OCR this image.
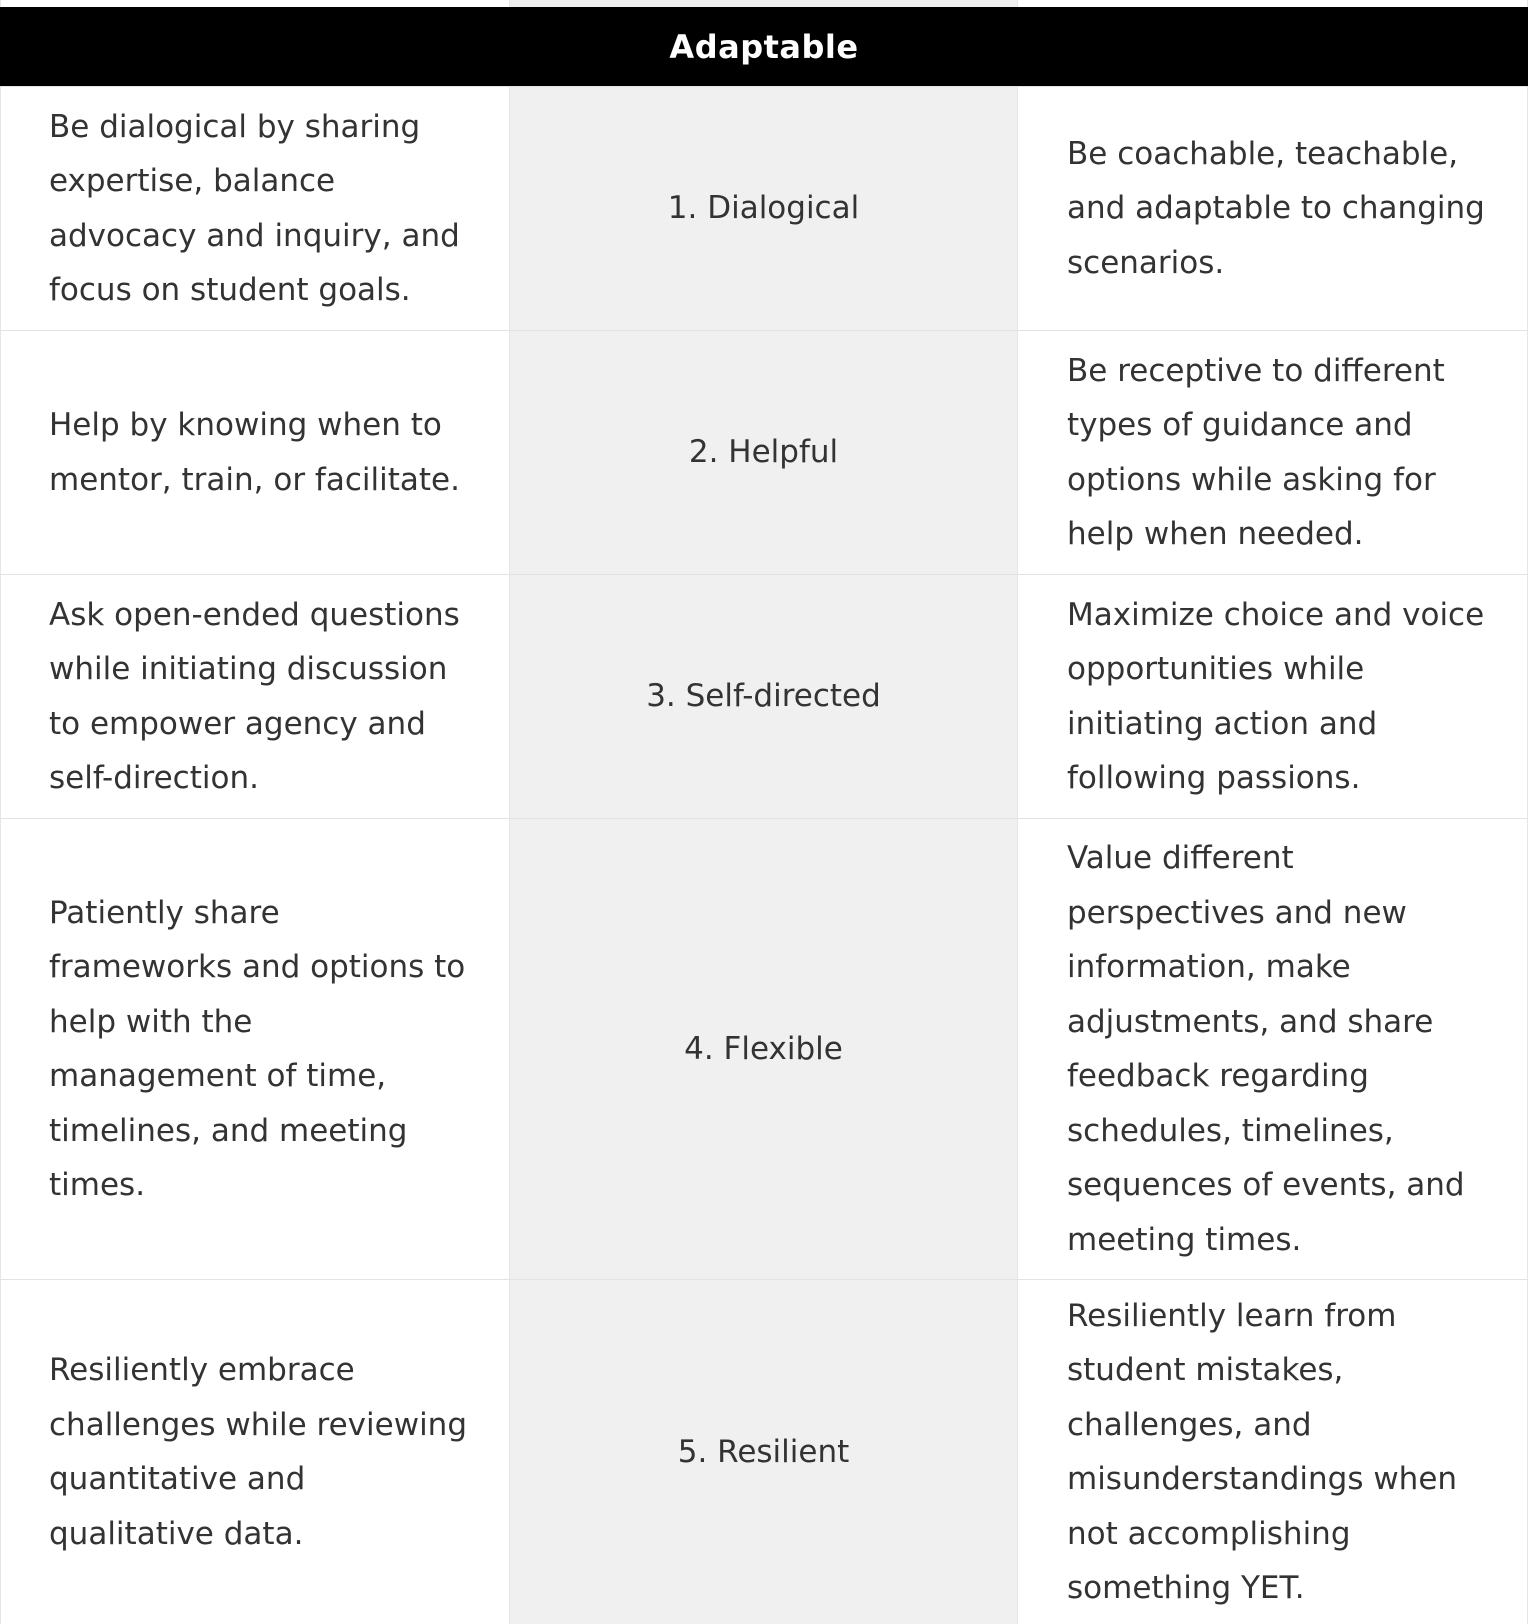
Adaptable
Be dialogical by sharing expertise, balance advocacy and inquiry, and focus on student goals.
1. Dialogical
Be coachable, teachable, and adaptable to changing scenarios.
Help by knowing when to mentor, train, or facilitate.
2. Helpful
Be receptive to different types of guidance and options while asking for help when needed.
Ask open-ended questions while initiating discussion to empower agency and self-direction.
3. Self-directed
Maximize choice and voice opportunities while initiating action and following passions.
Patiently share frameworks and options to help with the management of time, timelines, and meeting times.
4. Flexible
Value different perspectives and new information, make adjustments, and share feedback regarding schedules, timelines, sequences of events, and meeting times.
Resiliently embrace challenges while reviewing quantitative and qualitative data.
5. Resilient
Resiliently learn from student mistakes, challenges, and misunderstandings when not accomplishing something YET.
